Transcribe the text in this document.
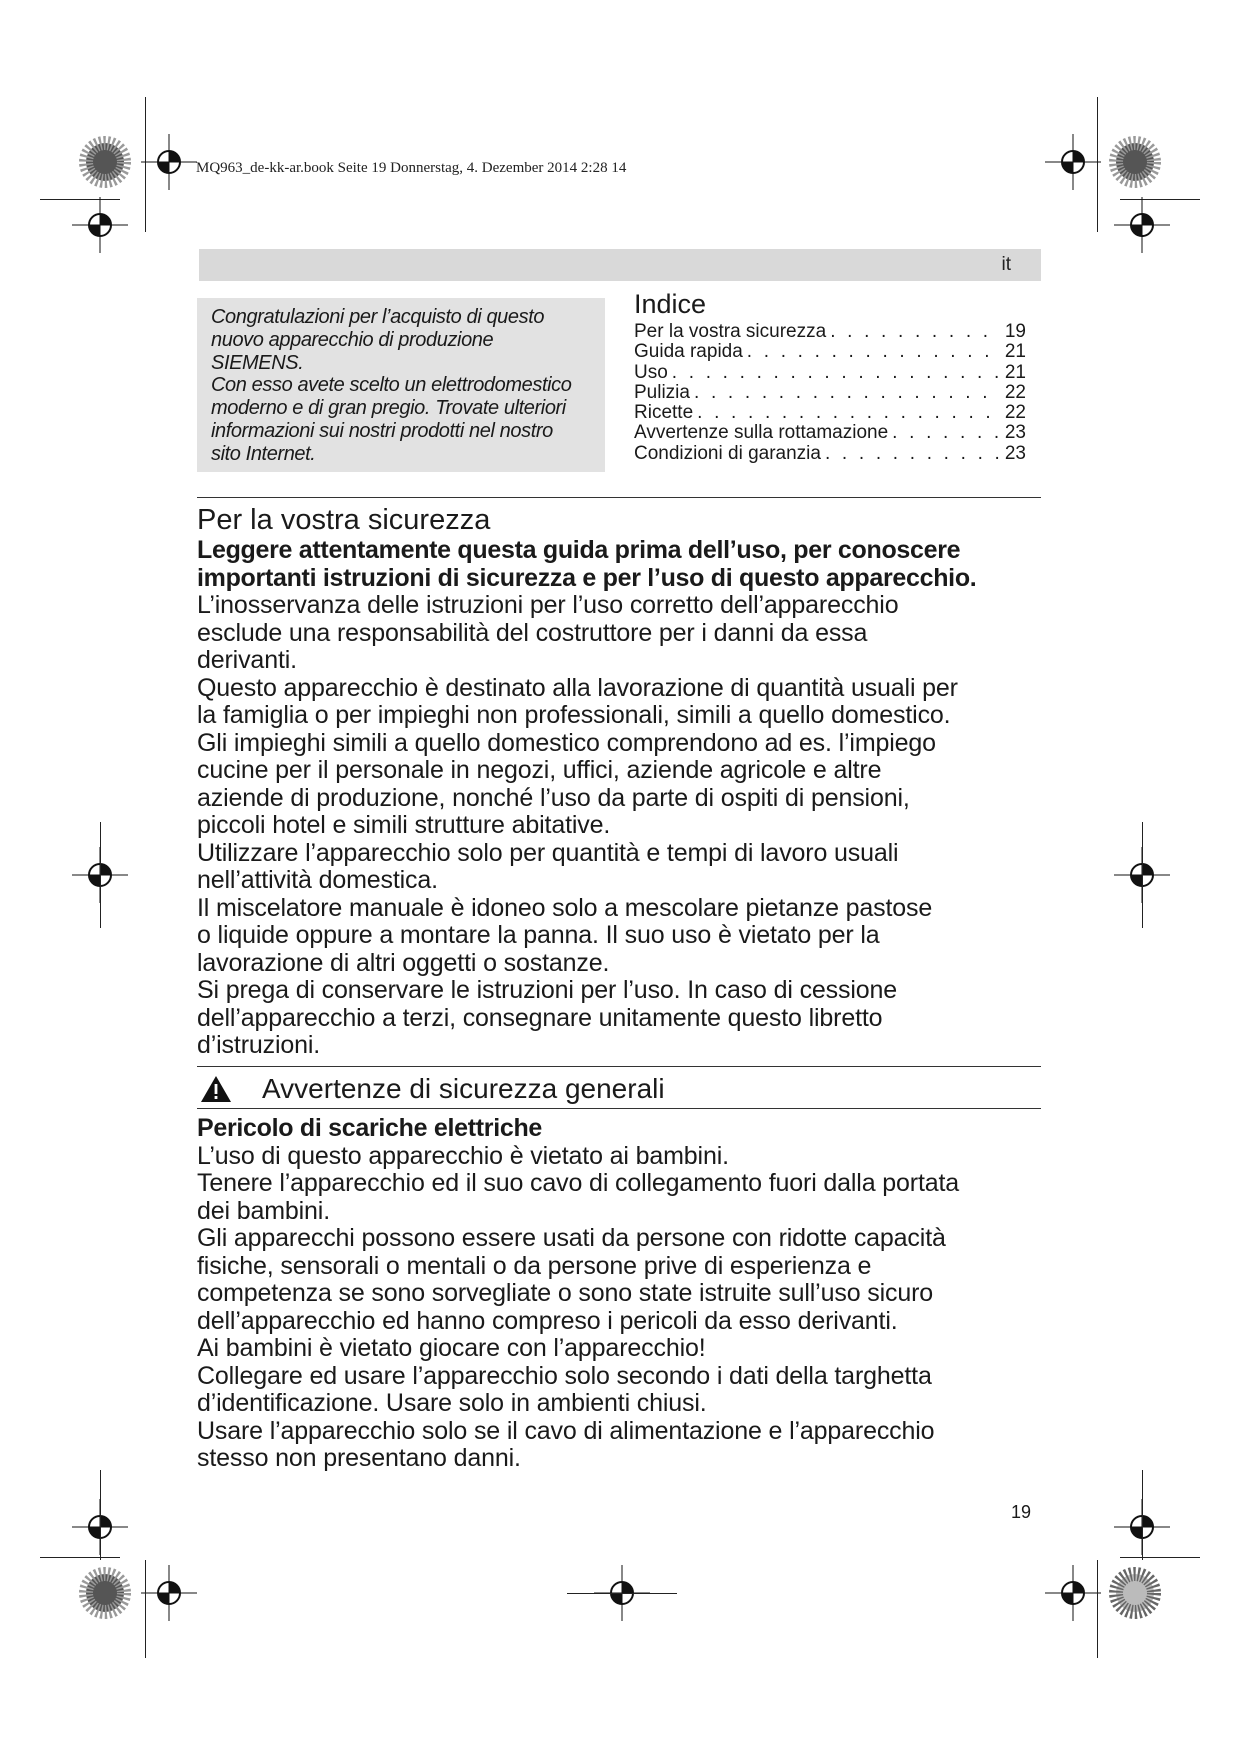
MQ963_de-kk-ar.book Seite 19 Donnerstag, 4. Dezember 2014 2:28 14
it
Congratulazioni per l’acquisto di questo
nuovo apparecchio di produzione
SIEMENS.
Con esso avete scelto un elettrodomestico
moderno e di gran pregio. Trovate ulteriori
informazioni sui nostri prodotti nel nostro
sito Internet.
Indice
Per la vostra sicurezza . . .	19
Guida rapida . . .	21
Uso . . .	21
Pulizia . . .	22
Ricette . . .	22
Avvertenze sulla rottamazione . . .	23
Condizioni di garanzia . . .	23
Per la vostra sicurezza
Leggere attentamente questa guida prima dell’uso, per conoscere
importanti istruzioni di sicurezza e per l’uso di questo apparecchio.
L’inosservanza delle istruzioni per l’uso corretto dell’apparecchio
esclude una responsabilità del costruttore per i danni da essa
derivanti.
Questo apparecchio è destinato alla lavorazione di quantità usuali per
la famiglia o per impieghi non professionali, simili a quello domestico.
Gli impieghi simili a quello domestico comprendono ad es. l’impiego
cucine per il personale in negozi, uffici, aziende agricole e altre
aziende di produzione, nonché l’uso da parte di ospiti di pensioni,
piccoli hotel e simili strutture abitative.
Utilizzare l’apparecchio solo per quantità e tempi di lavoro usuali
nell’attività domestica.
Il miscelatore manuale è idoneo solo a mescolare pietanze pastose
o liquide oppure a montare la panna. Il suo uso è vietato per la
lavorazione di altri oggetti o sostanze.
Si prega di conservare le istruzioni per l’uso. In caso di cessione
dell’apparecchio a terzi, consegnare unitamente questo libretto
d’istruzioni.
Avvertenze di sicurezza generali
Pericolo di scariche elettriche
L’uso di questo apparecchio è vietato ai bambini.
Tenere l’apparecchio ed il suo cavo di collegamento fuori dalla portata
dei bambini.
Gli apparecchi possono essere usati da persone con ridotte capacità
fisiche, sensorali o mentali o da persone prive di esperienza e
competenza se sono sorvegliate o sono state istruite sull’uso sicuro
dell’apparecchio ed hanno compreso i pericoli da esso derivanti.
Ai bambini è vietato giocare con l’apparecchio!
Collegare ed usare l’apparecchio solo secondo i dati della targhetta
d’identificazione. Usare solo in ambienti chiusi.
Usare l’apparecchio solo se il cavo di alimentazione e l’apparecchio
stesso non presentano danni.
19
